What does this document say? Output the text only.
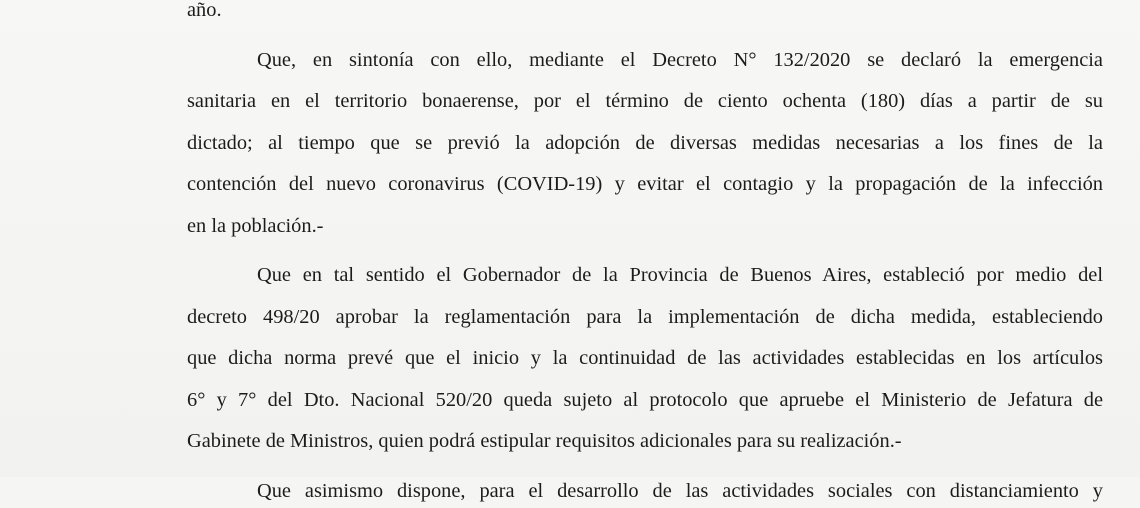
año.
Que, en sintonía con ello, mediante el Decreto N° 132/2020 se declaró la emergencia
sanitaria en el territorio bonaerense, por el término de ciento ochenta (180) días a partir de su
dictado; al tiempo que se previó la adopción de diversas medidas necesarias a los fines de la
contención del nuevo coronavirus (COVID-19) y evitar el contagio y la propagación de la infección
en la población.-
Que en tal sentido el Gobernador de la Provincia de Buenos Aires, estableció por medio del
decreto 498/20 aprobar la reglamentación para la implementación de dicha medida, estableciendo
que dicha norma prevé que el inicio y la continuidad de las actividades establecidas en los artículos
6° y 7° del Dto. Nacional 520/20 queda sujeto al protocolo que apruebe el Ministerio de Jefatura de
Gabinete de Ministros, quien podrá estipular requisitos adicionales para su realización.-
Que asimismo dispone, para el desarrollo de las actividades sociales con distanciamiento y
